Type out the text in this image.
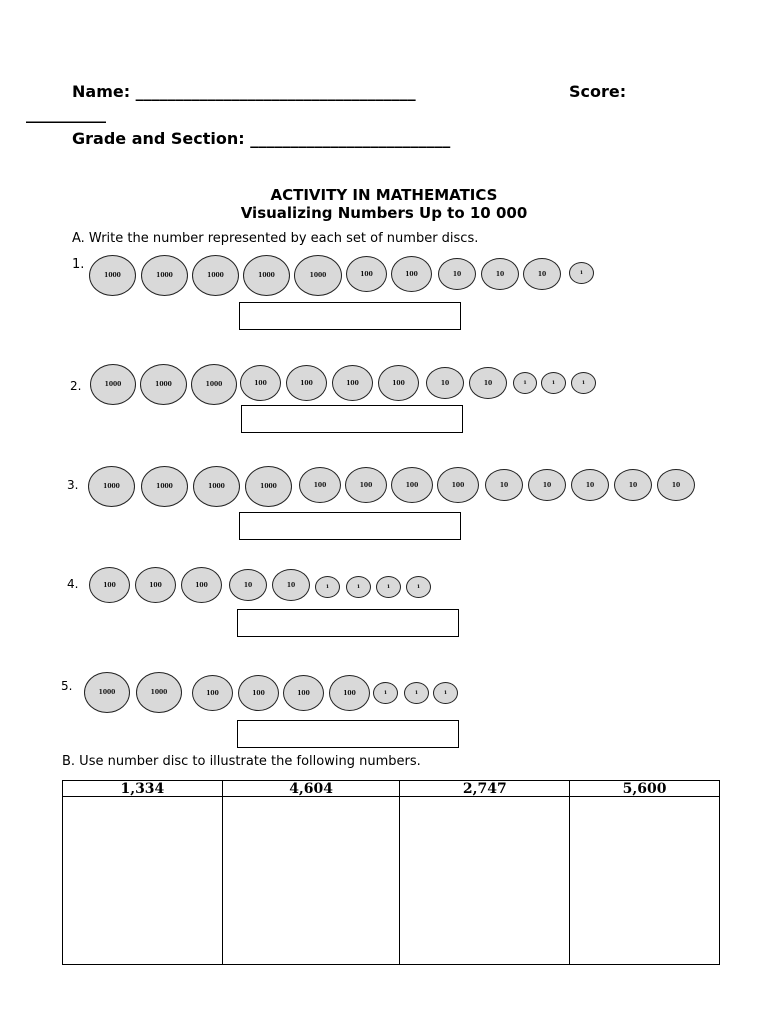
Name: ___________________________________	Score:
__________
Grade and Section: _________________________
ACTIVITY IN MATHEMATICS
Visualizing Numbers Up to 10 000
A. Write the number represented by each set of number discs.
1.
1000	1000	1000	1000	1000	100	100	10	10	10	1
2.	1000	1000	1000	100	100	100	100	10	10	1	1	1
3.	1000	1000	1000	1000	100	100	100	100	10	10	10	10	10
4.	100	100	100	10	10	1	1	1	1
5.	1000	1000	100	100	100	100	1	1	1
B. Use number disc to illustrate the following numbers.
1,334	4,604	2,747	5,600
